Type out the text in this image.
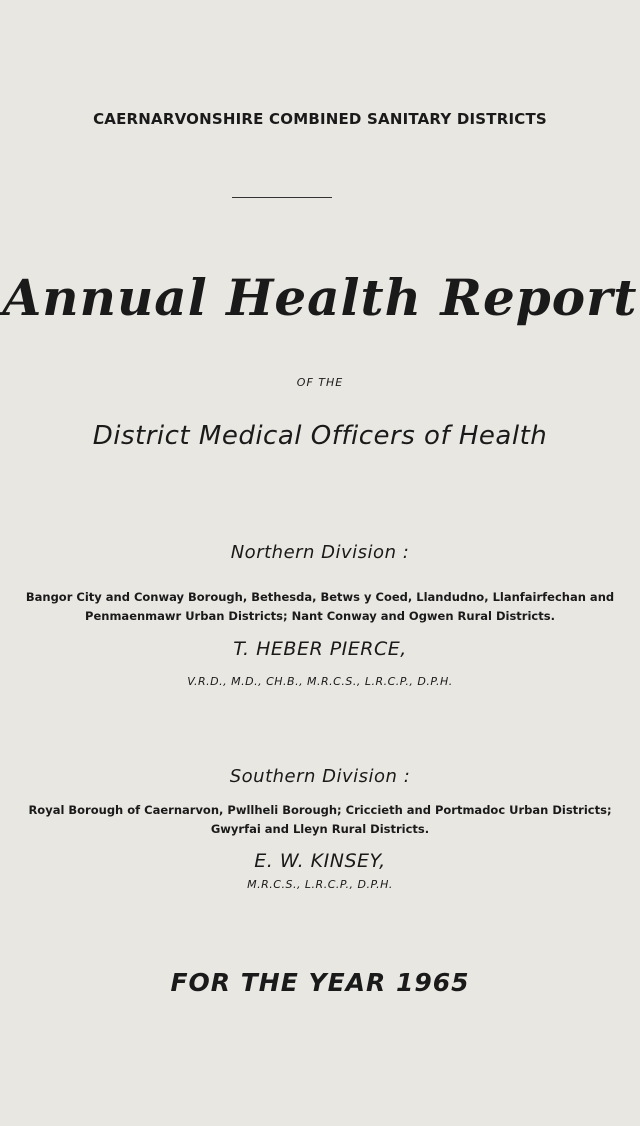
CAERNARVONSHIRE COMBINED SANITARY DISTRICTS
Annual Health Report
OF THE
District Medical Officers of Health
Northern Division :
Bangor City and Conway Borough, Bethesda, Betws y Coed, Llandudno, Llanfairfechan and
Penmaenmawr Urban Districts; Nant Conway and Ogwen Rural Districts.
T. HEBER PIERCE,
V.R.D., M.D., CH.B., M.R.C.S., L.R.C.P., D.P.H.
Southern Division :
Royal Borough of Caernarvon, Pwllheli Borough; Criccieth and Portmadoc Urban Districts;
Gwyrfai and Lleyn Rural Districts.
E. W. KINSEY,
M.R.C.S., L.R.C.P., D.P.H.
FOR THE YEAR 1965
